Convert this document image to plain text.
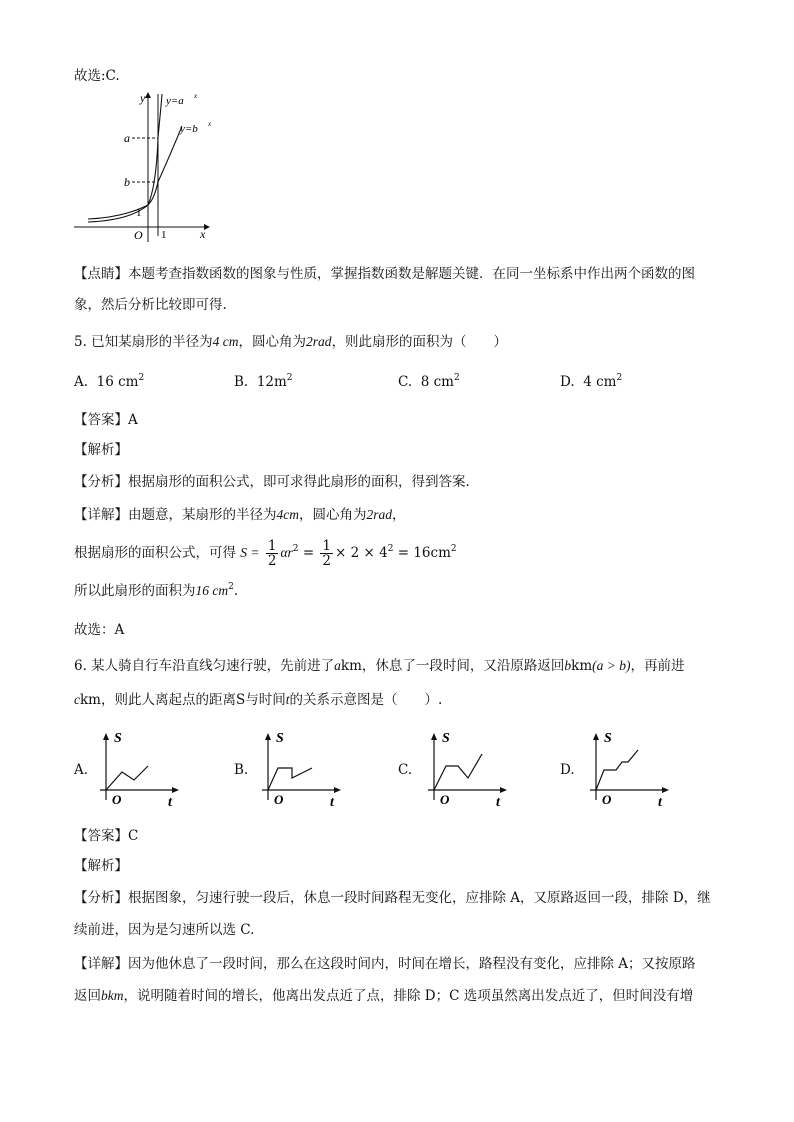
故选:C.
y
x
O
y=a x
y=b x
a
b
1
1
【点睛】本题考查指数函数的图象与性质，掌握指数函数是解题关键．在同一坐标系中作出两个函数的图
象，然后分析比较即可得.
5. 已知某扇形的半径为4 cm，圆心角为2rad，则此扇形的面积为（　　）
A. 16 $cm^2$	B. $12m^2$	C. 8 $cm^2$	D. 4 $cm^2$
【答案】A
【解析】
【分析】根据扇形的面积公式，即可求得此扇形的面积，得到答案.
【详解】由题意，某扇形的半径为4cm，圆心角为2rad，
根据扇形的面积公式，可得 $S = \frac{1}{2} \alpha r^2 = \frac{1}{2} \times 2 \times 4^2 = 16cm^2$
所以此扇形的面积为16 $cm^2$.
故选：A
6. 某人骑自行车沿直线匀速行驶，先前进了akm，休息了一段时间，又沿原路返回bkm(a > b)，再前进
ckm，则此人离起点的距离S与时间t的关系示意图是（　　）.
A.
S
O	t
B.
S
O	t
C.
S
O	t
D.
S
O	t
【答案】C
【解析】
【分析】根据图象，匀速行驶一段后，休息一段时间路程无变化，应排除 A，又原路返回一段，排除 D，继
续前进，因为是匀速所以选 C.
【详解】因为他休息了一段时间，那么在这段时间内，时间在增长，路程没有变化，应排除 A；又按原路
返回bkm，说明随着时间的增长，他离出发点近了点，排除 D；C 选项虽然离出发点近了，但时间没有增
